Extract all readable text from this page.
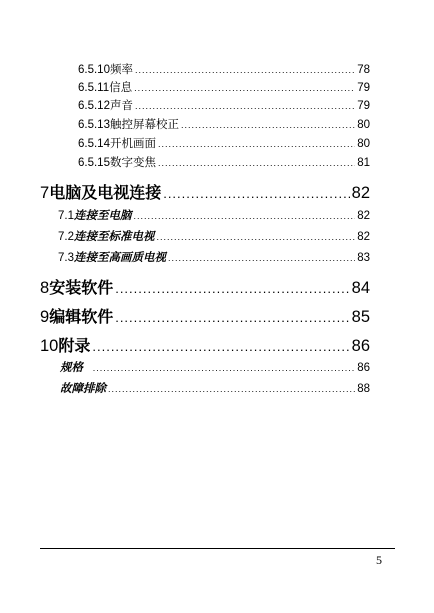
6.5.10 频率 .....	78
6.5.11 信息 .....	79
6.5.12 声音 .....	79
6.5.13 触控屏幕校正 .....	80
6.5.14 开机画面 .....	80
6.5.15 数字变焦 .....	81
7 电脑及电视连接 .....	82
7.1 连接至电脑 .....	82
7.2 连接至标准电视 .....	82
7.3 连接至高画质电视 .....	83
8 安装软件 .....	84
9 编辑软件 .....	85
10 附录 .....	86
规格 .....	86
故障排除 .....	88
5
